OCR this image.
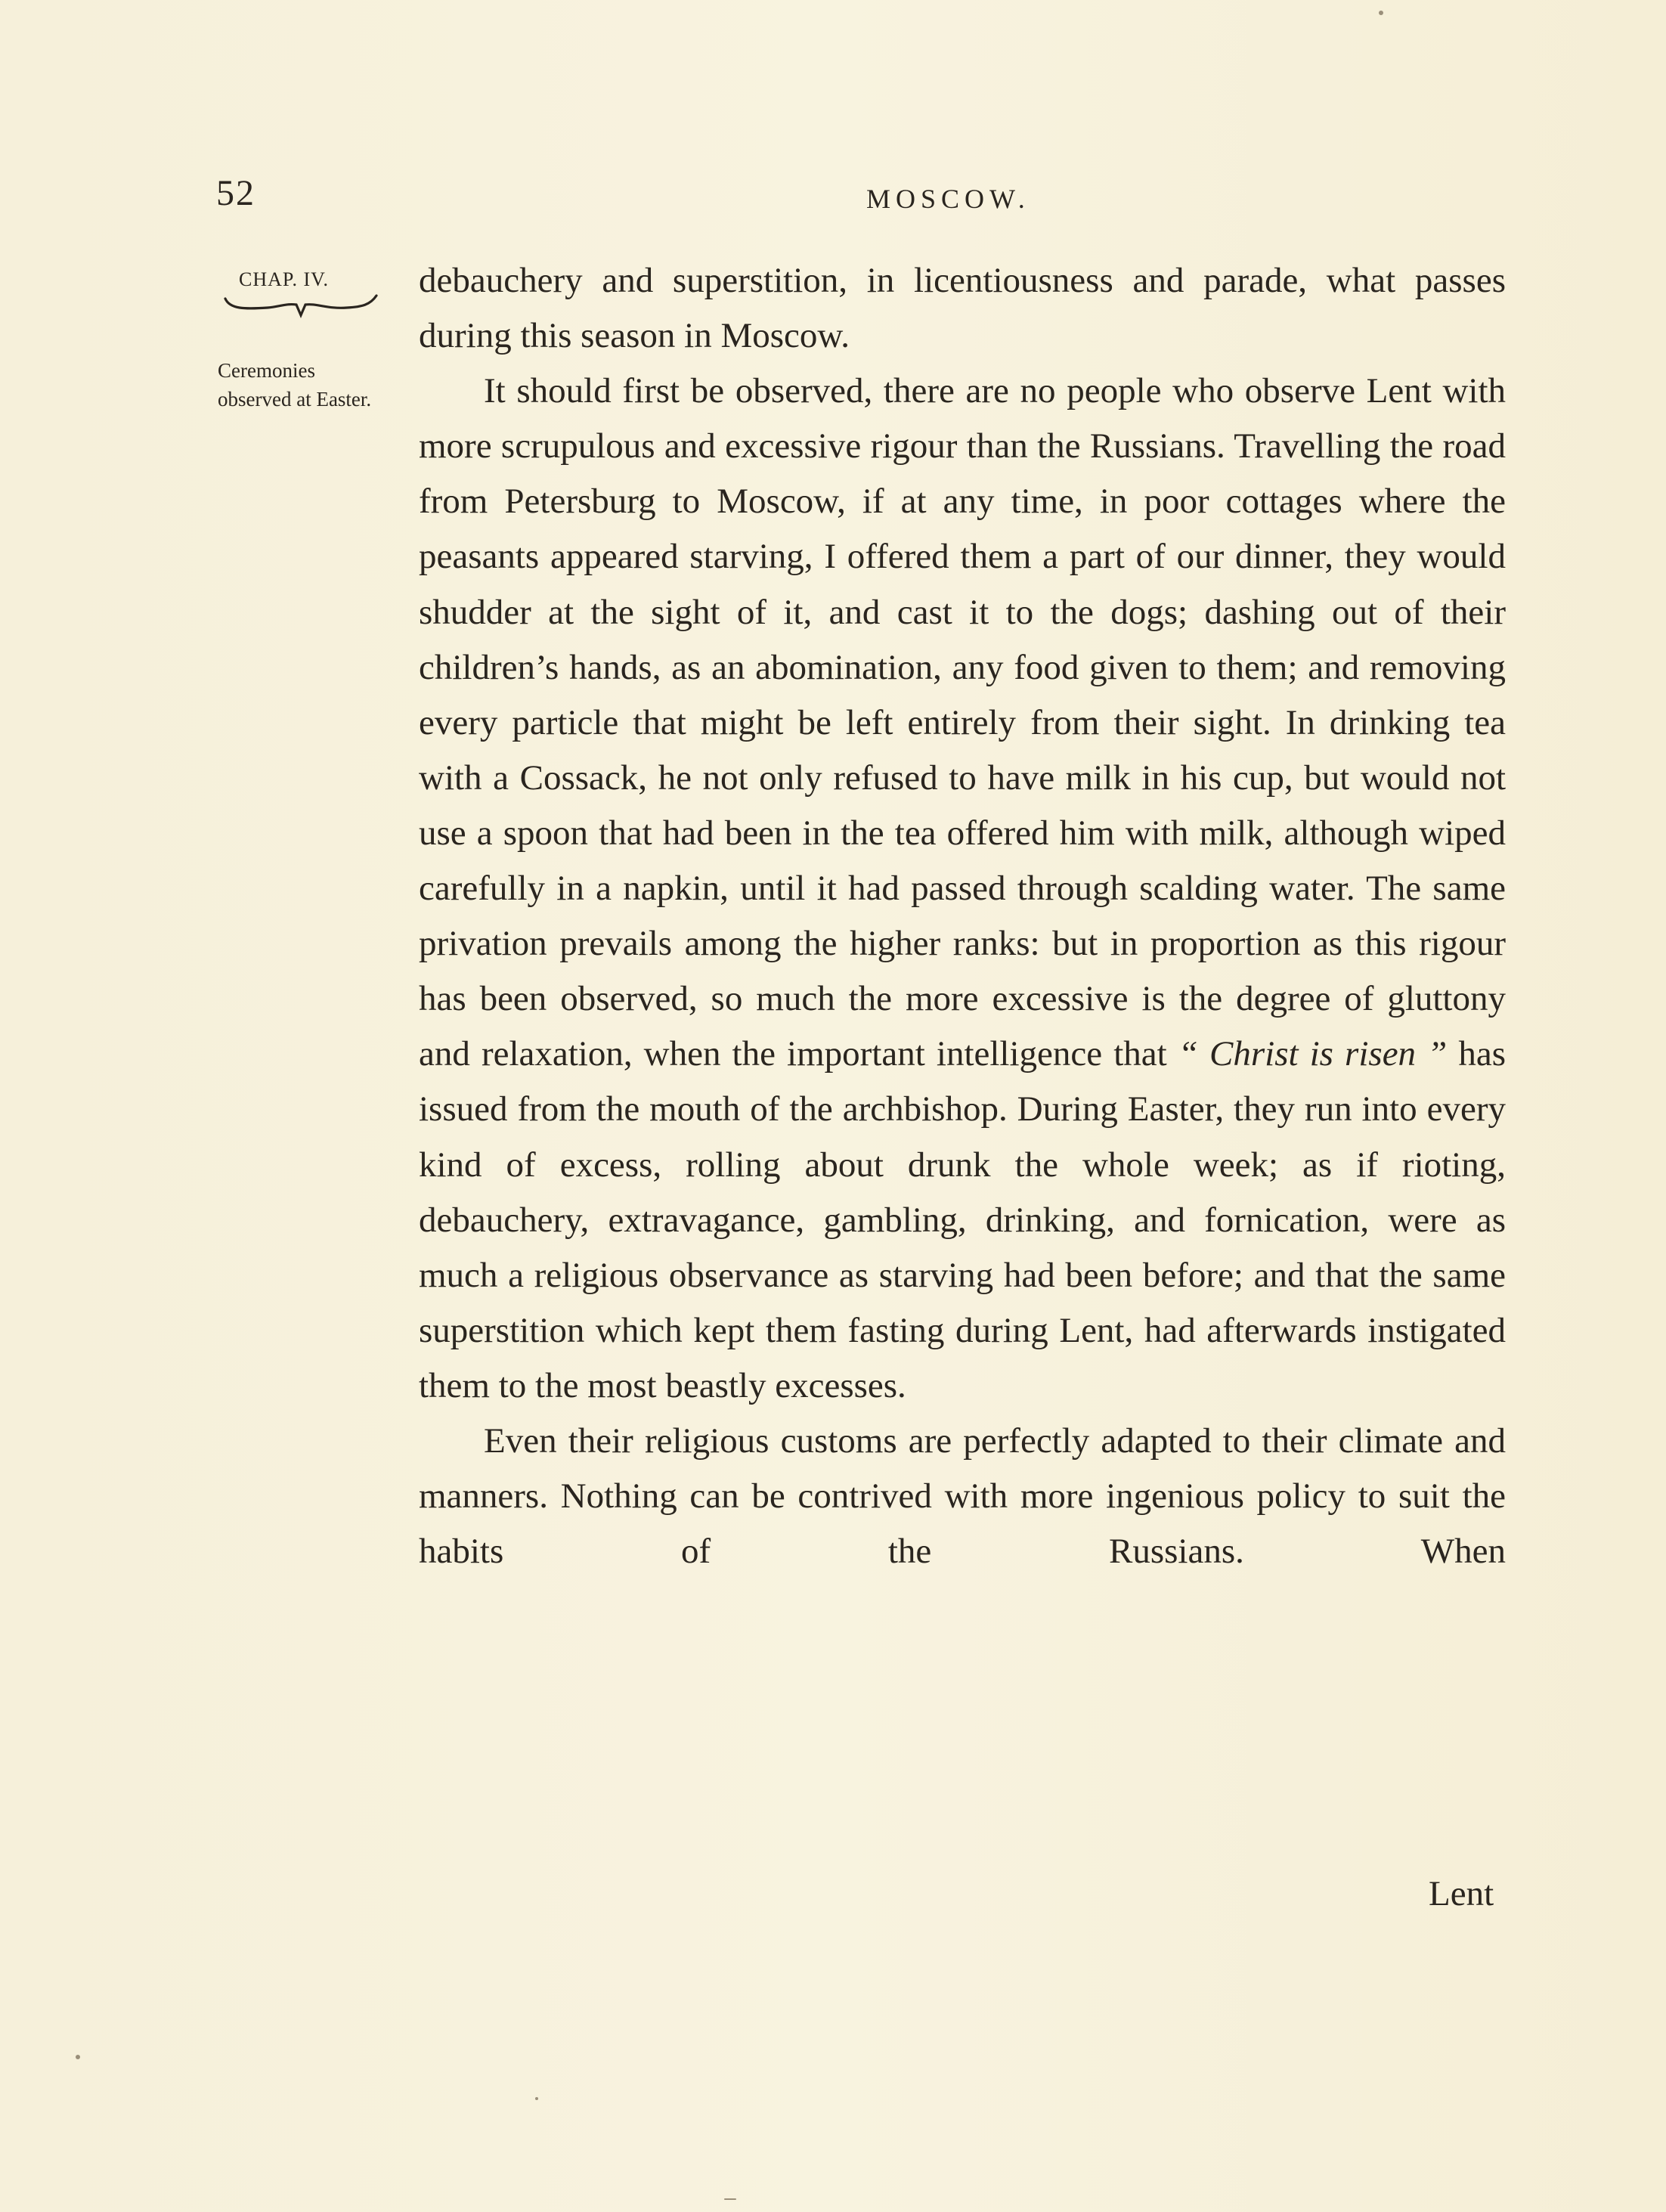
52	MOSCOW.
CHAP. IV.
Ceremonies observed at Easter.

debauchery and superstition, in licentiousness and parade, what passes during this season in Moscow.

It should first be observed, there are no people who observe Lent with more scrupulous and excessive rigour than the Russians. Travelling the road from Petersburg to Moscow, if at any time, in poor cottages where the peasants appeared starving, I offered them a part of our dinner, they would shudder at the sight of it, and cast it to the dogs; dashing out of their children’s hands, as an abomination, any food given to them; and removing every particle that might be left entirely from their sight. In drinking tea with a Cossack, he not only refused to have milk in his cup, but would not use a spoon that had been in the tea offered him with milk, although wiped carefully in a napkin, until it had passed through scalding water. The same privation prevails among the higher ranks: but in proportion as this rigour has been observed, so much the more excessive is the degree of gluttony and relaxation, when the important intelligence that “ Christ is risen ” has issued from the mouth of the archbishop. During Easter, they run into every kind of excess, rolling about drunk the whole week; as if rioting, debauchery, extravagance, gambling, drinking, and fornication, were as much a religious observance as starving had been before; and that the same superstition which kept them fasting during Lent, had afterwards instigated them to the most beastly excesses.

Even their religious customs are perfectly adapted to their climate and manners. Nothing can be contrived with more ingenious policy to suit the habits of the Russians. When

Lent
